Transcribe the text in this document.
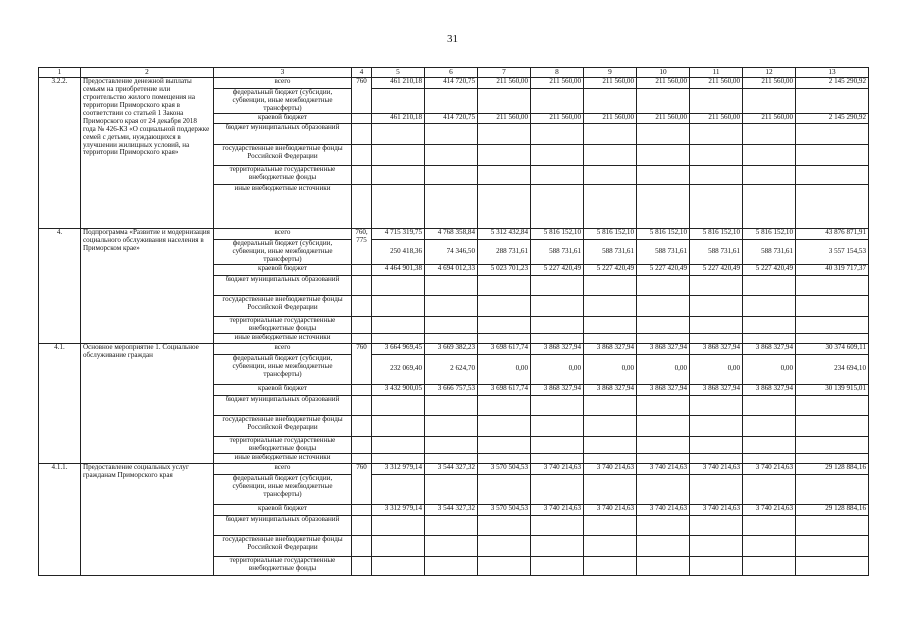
31
1	2	3	4	5	6	7	8	9	10	11	12	13
3.2.2.	Предоставление денежной выплаты семьям на приобретение или строительство жилого помещения на территории Приморского края в соответствии со статьей 1 Закона Приморского края от 24 декабря 2018 года № 426-КЗ «О социальной поддержке семей с детьми, нуждающихся в улучшении жилищных условий, на территории Приморского края»	всего	760	461 210,18	414 720,75	211 560,00	211 560,00	211 560,00	211 560,00	211 560,00	211 560,00	2 145 290,92
		федеральный бюджет (субсидии, субвенции, иные межбюджетные трансферты)										
		краевой бюджет		461 210,18	414 720,75	211 560,00	211 560,00	211 560,00	211 560,00	211 560,00	211 560,00	2 145 290,92
		бюджет муниципальных образований										
		государственные внебюджетные фонды Российской Федерации										
		территориальные государственные внебюджетные фонды										
		иные внебюджетные источники										
4.	Подпрограмма «Развитие и модернизация социального обслуживания населения в Приморском крае»	всего	760, 775	4 715 319,75	4 768 358,84	5 312 432,84	5 816 152,10	5 816 152,10	5 816 152,10	5 816 152,10	5 816 152,10	43 876 871,91
		федеральный бюджет (субсидии, субвенции, иные межбюджетные трансферты)		250 418,36	74 346,50	288 731,61	588 731,61	588 731,61	588 731,61	588 731,61	588 731,61	3 557 154,53
		краевой бюджет		4 464 901,38	4 694 012,33	5 023 701,23	5 227 420,49	5 227 420,49	5 227 420,49	5 227 420,49	5 227 420,49	40 319 717,37
		бюджет муниципальных образований										
		государственные внебюджетные фонды Российской Федерации										
		территориальные государственные внебюджетные фонды										
		иные внебюджетные источники										
4.1.	Основное мероприятие 1. Социальное обслуживание граждан	всего	760	3 664 969,45	3 669 382,23	3 698 617,74	3 868 327,94	3 868 327,94	3 868 327,94	3 868 327,94	3 868 327,94	30 374 609,11
		федеральный бюджет (субсидии, субвенции, иные межбюджетные трансферты)		232 069,40	2 624,70	0,00	0,00	0,00	0,00	0,00	0,00	234 694,10
		краевой бюджет		3 432 900,05	3 666 757,53	3 698 617,74	3 868 327,94	3 868 327,94	3 868 327,94	3 868 327,94	3 868 327,94	30 139 915,01
		бюджет муниципальных образований										
		государственные внебюджетные фонды Российской Федерации										
		территориальные государственные внебюджетные фонды										
		иные внебюджетные источники										
4.1.1.	Предоставление социальных услуг гражданам Приморского края	всего	760	3 312 979,14	3 544 327,32	3 570 504,53	3 740 214,63	3 740 214,63	3 740 214,63	3 740 214,63	3 740 214,63	29 128 884,16
		федеральный бюджет (субсидии, субвенции, иные межбюджетные трансферты)										
		краевой бюджет		3 312 979,14	3 544 327,32	3 570 504,53	3 740 214,63	3 740 214,63	3 740 214,63	3 740 214,63	3 740 214,63	29 128 884,16
		бюджет муниципальных образований										
		государственные внебюджетные фонды Российской Федерации										
		территориальные государственные внебюджетные фонды										
